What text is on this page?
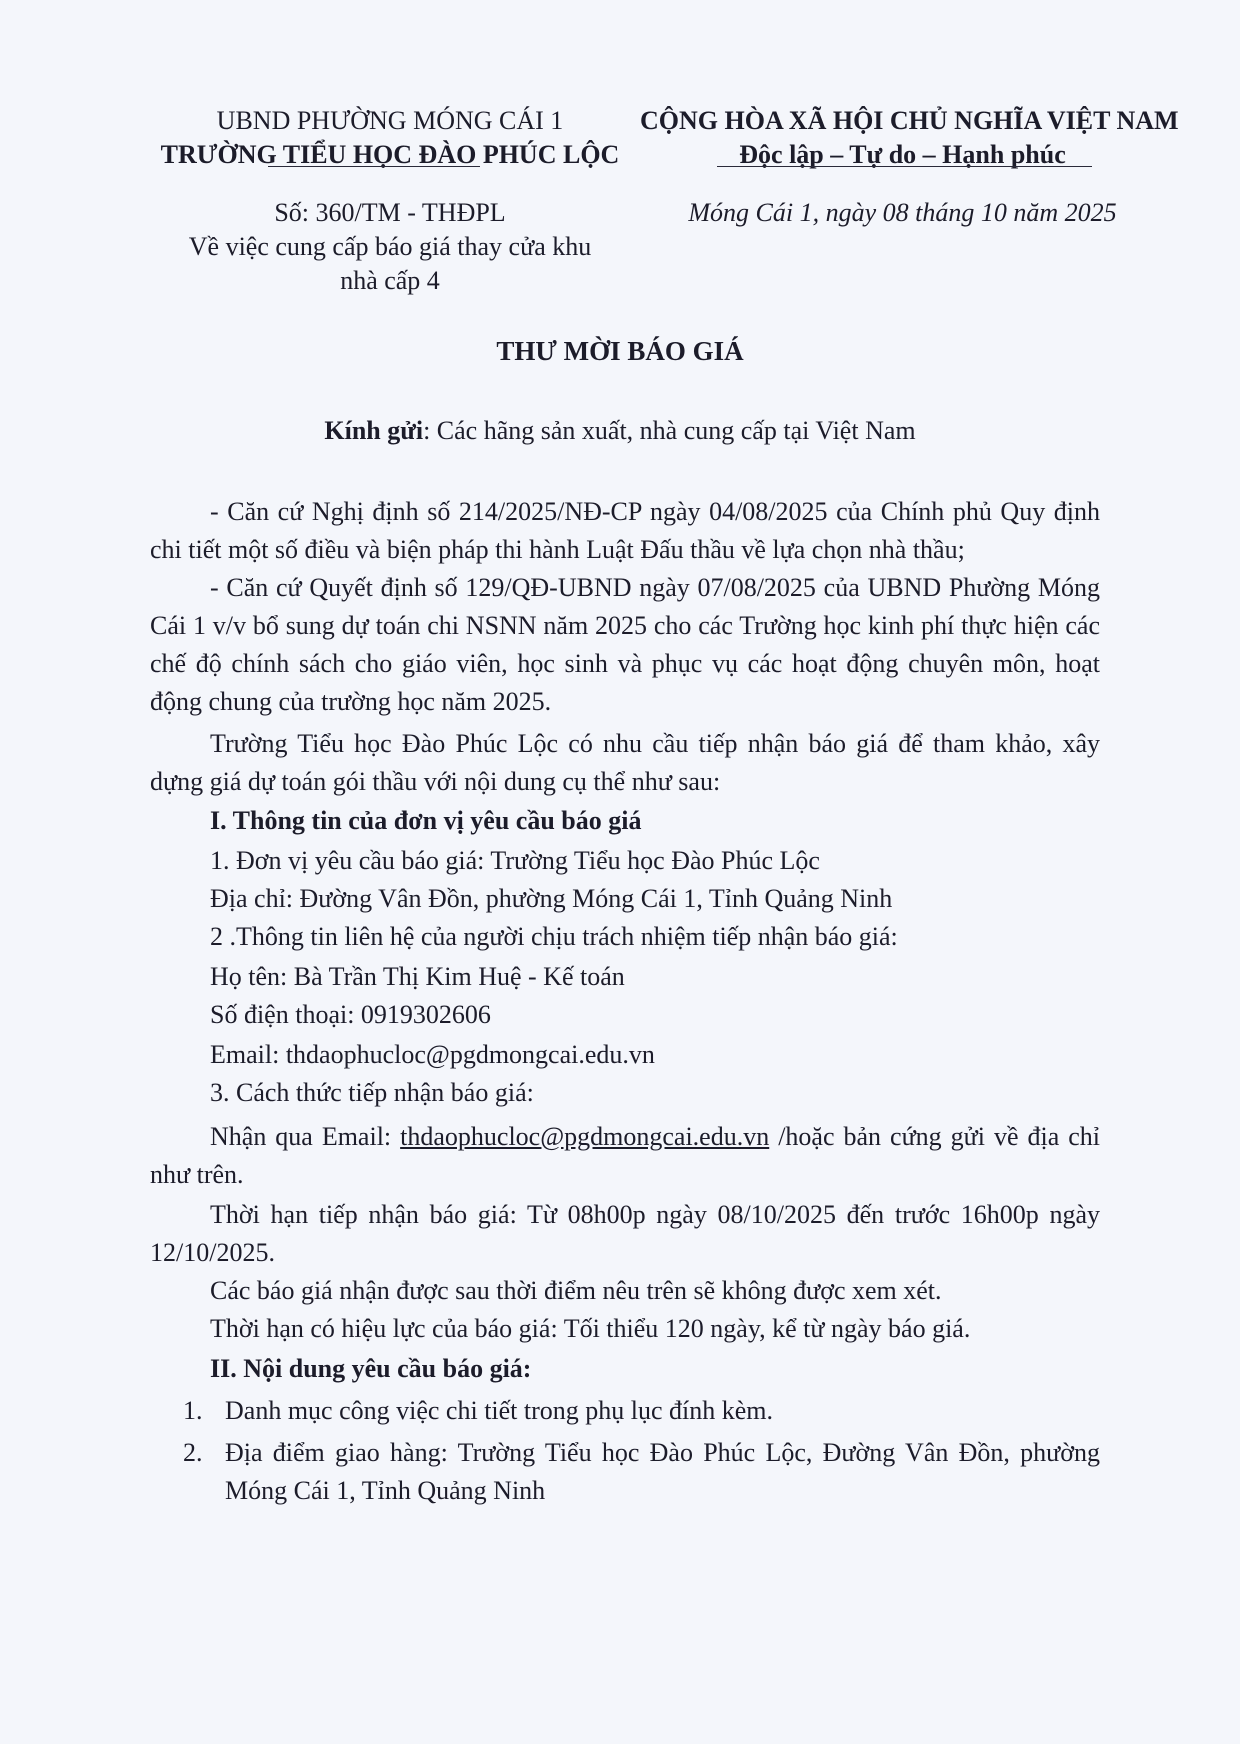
UBND PHƯỜNG MÓNG CÁI 1
TRƯỜNG TIỂU HỌC ĐÀO PHÚC LỘC
CỘNG HÒA XÃ HỘI CHỦ NGHĨA VIỆT NAM
Độc lập – Tự do – Hạnh phúc
Số: 360/TM - THĐPL
Về việc cung cấp báo giá thay cửa khu
nhà cấp 4
Móng Cái 1, ngày 08 tháng 10 năm 2025
THƯ MỜI BÁO GIÁ
Kính gửi: Các hãng sản xuất, nhà cung cấp tại Việt Nam
- Căn cứ Nghị định số 214/2025/NĐ-CP ngày 04/08/2025 của Chính phủ Quy định chi tiết một số điều và biện pháp thi hành Luật Đấu thầu về lựa chọn nhà thầu;
- Căn cứ Quyết định số 129/QĐ-UBND ngày 07/08/2025 của UBND Phường Móng Cái 1 v/v bổ sung dự toán chi NSNN năm 2025 cho các Trường học kinh phí thực hiện các chế độ chính sách cho giáo viên, học sinh và phục vụ các hoạt động chuyên môn, hoạt động chung của trường học năm 2025.
Trường Tiểu học Đào Phúc Lộc có nhu cầu tiếp nhận báo giá để tham khảo, xây dựng giá dự toán gói thầu với nội dung cụ thể như sau:
I. Thông tin của đơn vị yêu cầu báo giá
1. Đơn vị yêu cầu báo giá: Trường Tiểu học Đào Phúc Lộc
Địa chỉ: Đường Vân Đồn, phường Móng Cái 1, Tỉnh Quảng Ninh
2 .Thông tin liên hệ của người chịu trách nhiệm tiếp nhận báo giá:
Họ tên: Bà Trần Thị Kim Huệ - Kế toán
Số điện thoại: 0919302606
Email: thdaophucloc@pgdmongcai.edu.vn
3. Cách thức tiếp nhận báo giá:
Nhận qua Email: thdaophucloc@pgdmongcai.edu.vn /hoặc bản cứng gửi về địa chỉ như trên.
Thời hạn tiếp nhận báo giá: Từ 08h00p ngày 08/10/2025 đến trước 16h00p ngày 12/10/2025.
Các báo giá nhận được sau thời điểm nêu trên sẽ không được xem xét.
Thời hạn có hiệu lực của báo giá: Tối thiểu 120 ngày, kể từ ngày báo giá.
II. Nội dung yêu cầu báo giá:
1. Danh mục công việc chi tiết trong phụ lục đính kèm.
2. Địa điểm giao hàng: Trường Tiểu học Đào Phúc Lộc, Đường Vân Đồn, phường Móng Cái 1, Tỉnh Quảng Ninh
